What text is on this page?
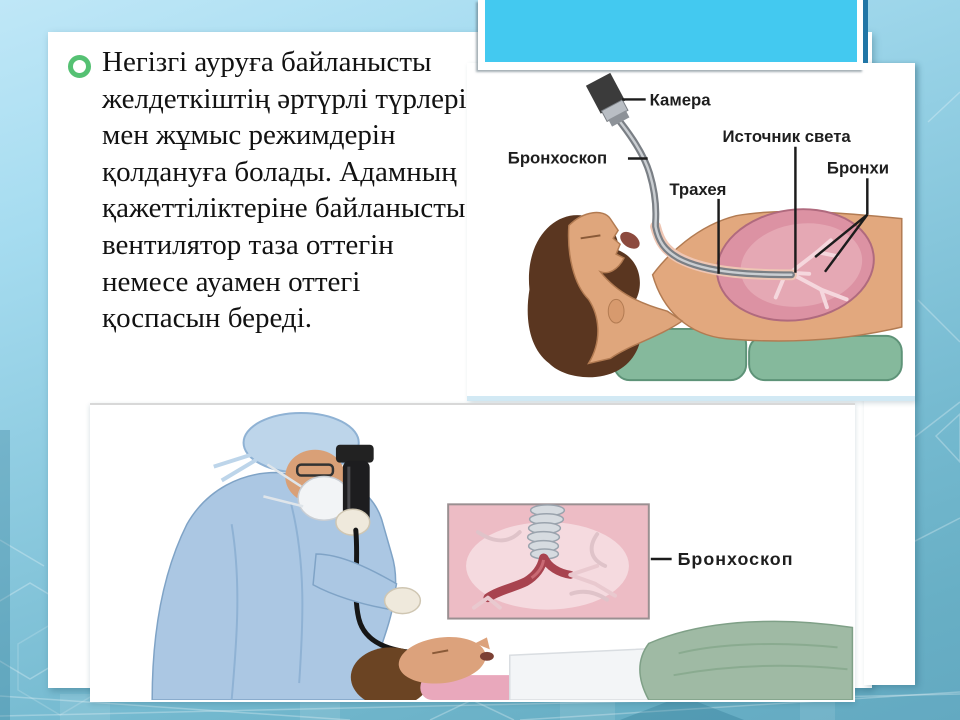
Негізгі ауруға байланысты желдеткіштің әртүрлі түрлері мен жұмыс режимдерін қолдануға болады. Адамның қажеттіліктеріне байланысты вентилятор таза оттегін немесе ауамен оттегі қоспасын береді.

Камера
Источник света
Бронхоскоп
Трахея
Бронхи
Бронхоскоп
